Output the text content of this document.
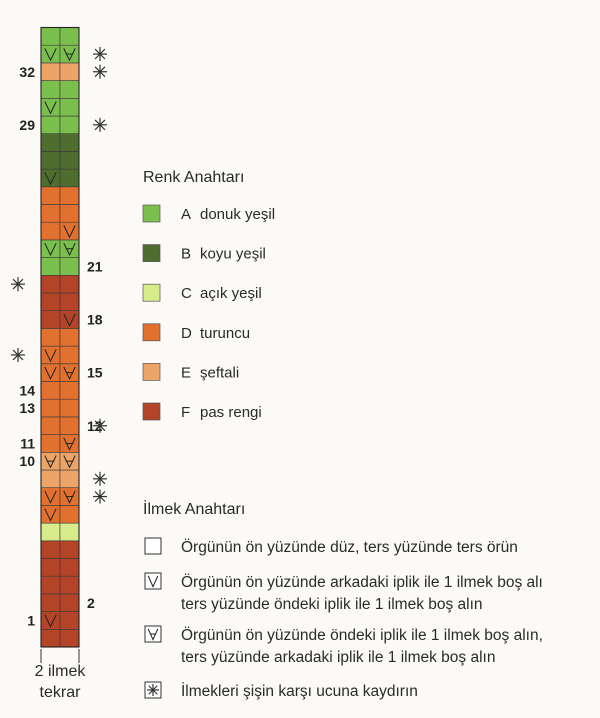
1
10
11
13
14
29
32
2
12
15
18
21
2 ilmek
tekrar
Renk Anahtarı
A donuk yeşil
B koyu yeşil
C açık yeşil
D turuncu
E şeftali
F pas rengi
İlmek Anahtarı
Örgünün ön yüzünde düz, ters yüzünde ters örün
Örgünün ön yüzünde arkadaki iplik ile 1 ilmek boş alı
ters yüzünde öndeki iplik ile 1 ilmek boş alın
Örgünün ön yüzünde öndeki iplik ile 1 ilmek boş alın,
ters yüzünde arkadaki iplik ile 1 ilmek boş alın
İlmekleri şişin karşı ucuna kaydırın
